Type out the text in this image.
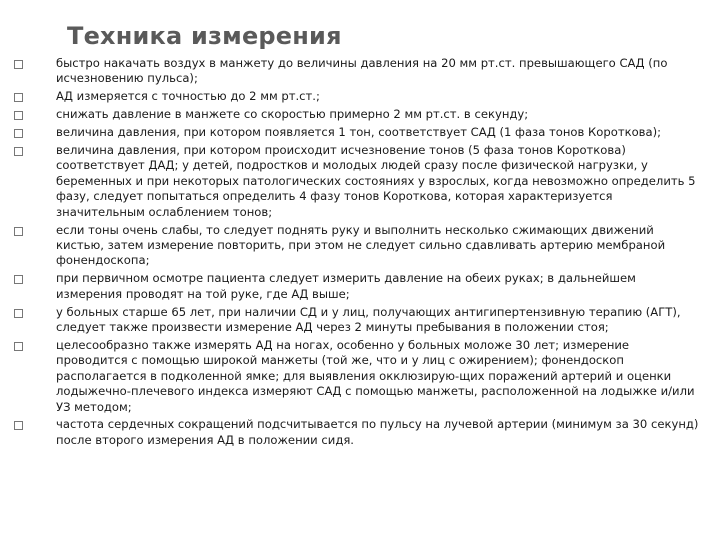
Техника измерения
быстро накачать воздух в манжету до величины давления на 20 мм рт.ст. превышающего САД (по исчезновению пульса);
АД измеряется с точностью до 2 мм рт.ст.;
снижать давление в манжете со скоростью примерно 2 мм рт.ст. в секунду;
величина давления, при котором появляется 1 тон, соответствует САД (1 фаза тонов Короткова);
величина давления, при котором происходит исчезновение тонов (5 фаза тонов Короткова) соответствует ДАД; у детей, подростков и молодых людей сразу после физической нагрузки, у беременных и при некоторых патологических состояниях у взрослых, когда невозможно определить 5 фазу, следует попытаться определить 4 фазу тонов Короткова, которая характеризуется значительным ослаблением тонов;
если тоны очень слабы, то следует поднять руку и выполнить несколько сжимающих движений кистью, затем измерение повторить, при этом не следует сильно сдавливать артерию мембраной фонендоскопа;
при первичном осмотре пациента следует измерить давление на обеих руках; в дальнейшем измерения проводят на той руке, где АД выше;
у больных старше 65 лет, при наличии СД и у лиц, получающих антигипертензивную терапию (АГТ), следует также произвести измерение АД через 2 минуты пребывания в положении стоя;
целесообразно также измерять АД на ногах, особенно у больных моложе 30 лет; измерение проводится с помощью широкой манжеты (той же, что и у лиц с ожирением); фонендоскоп располагается в подколенной ямке; для выявления окклюзирую-щих поражений артерий и оценки лодыжечно-плечевого индекса измеряют САД с помощью манжеты, расположенной на лодыжке и/или УЗ методом;
частота сердечных сокращений подсчитывается по пульсу на лучевой артерии (минимум за 30 секунд) после второго измерения АД в положении сидя.
